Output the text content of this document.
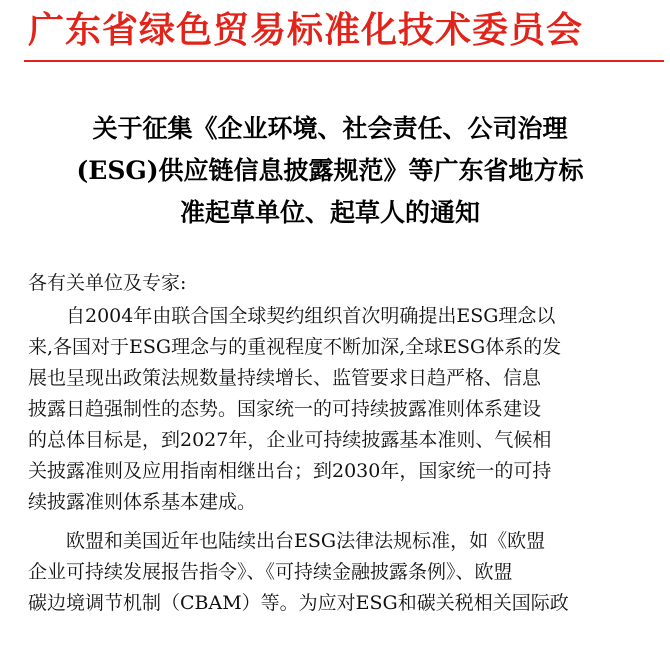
广东省绿色贸易标准化技术委员会
关于征集《企业环境、社会责任、公司治理
(ESG)供应链信息披露规范》等广东省地方标
准起草单位、起草人的通知
各有关单位及专家:
　　自2004年由联合国全球契约组织首次明确提出ESG理念以
来,各国对于ESG理念与的重视程度不断加深,全球ESG体系的发
展也呈现出政策法规数量持续增长、监管要求日趋严格、信息
披露日趋强制性的态势。国家统一的可持续披露准则体系建设
的总体目标是，到2027年，企业可持续披露基本准则、气候相
关披露准则及应用指南相继出台；到2030年，国家统一的可持
续披露准则体系基本建成。
　　欧盟和美国近年也陆续出台ESG法律法规标准，如《欧盟
企业可持续发展报告指令》、《可持续金融披露条例》、欧盟
碳边境调节机制（CBAM）等。为应对ESG和碳关税相关国际政
